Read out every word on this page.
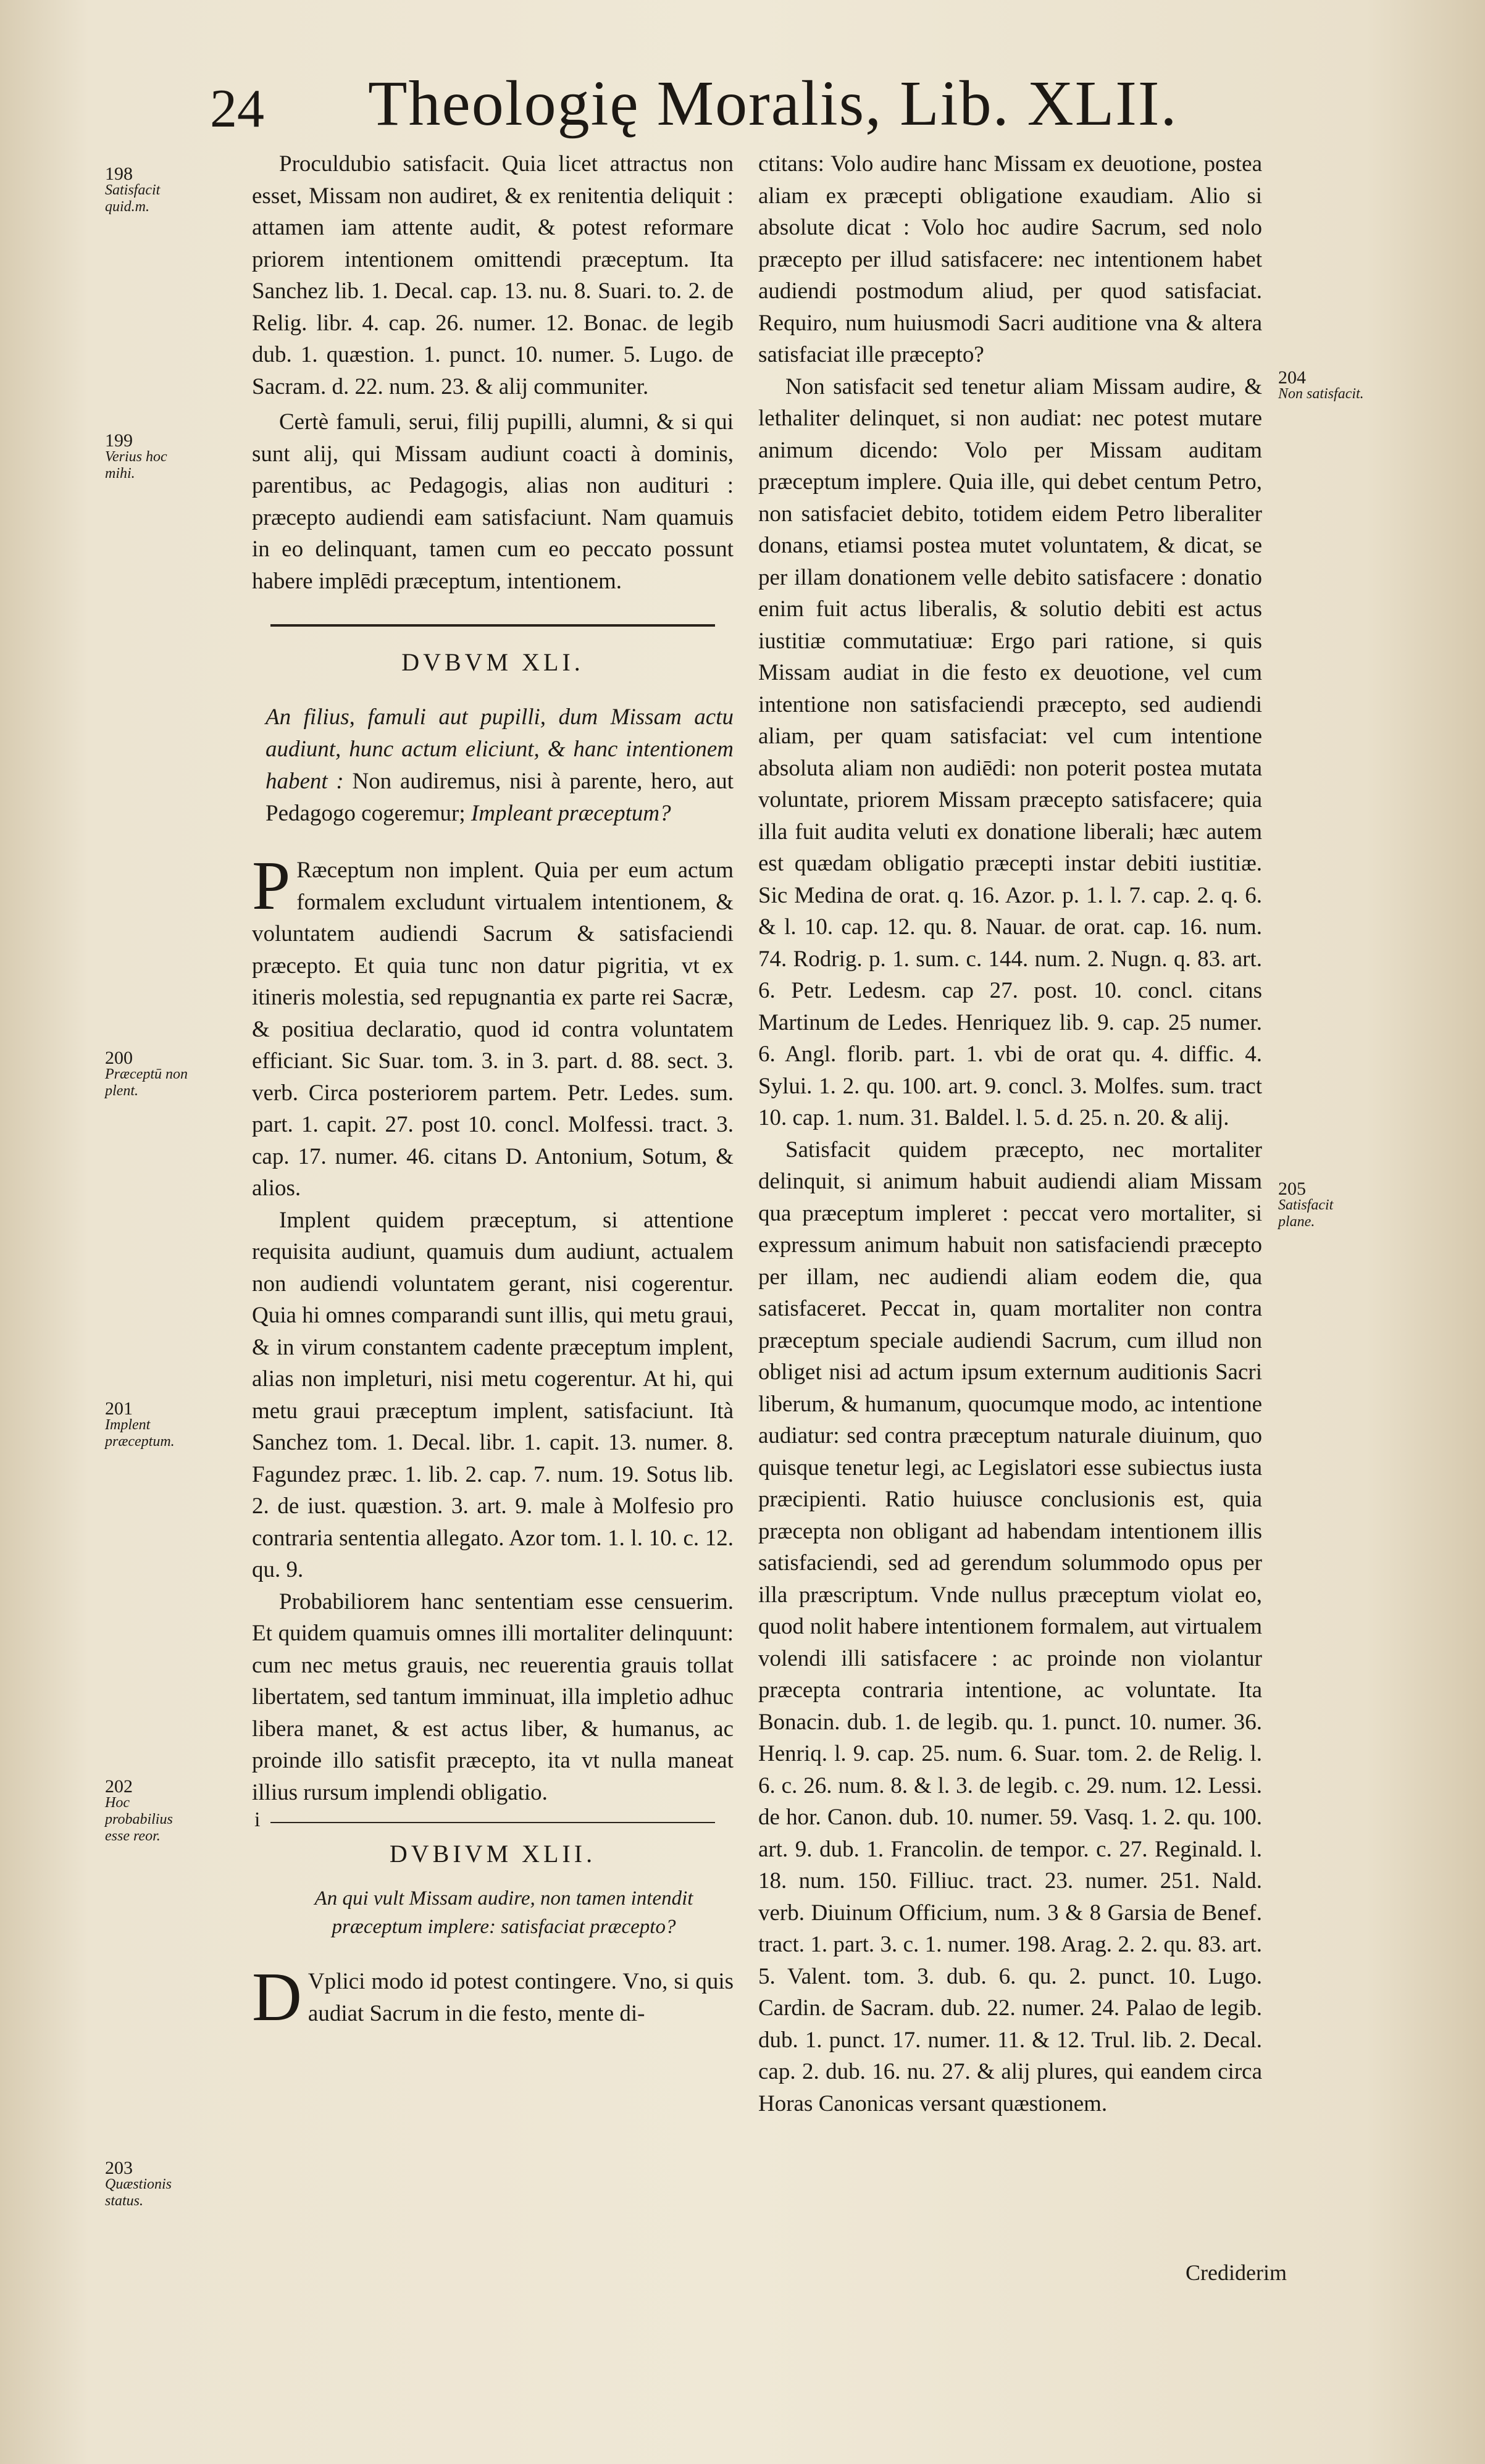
24 Theologię Moralis, Lib. XLII.

Proculdubio satisfacit. Quia licet attractus non esset, Missam non audiret, & ex renitentia deliquit : attamen iam attente audit, & potest reformare priorem intentionem omittendi præceptum. Ita Sanchez lib. 1. Decal. cap. 13. nu. 8. Suari. to. 2. de Relig. libr. 4. cap. 26. numer. 12. Bonac. de legib dub. 1. quæstion. 1. punct. 10. numer. 5. Lugo. de Sacram. d. 22. num. 23. & alij communiter.

Certè famuli, serui, filij pupilli, alumni, & si qui sunt alij, qui Missam audiunt coacti à dominis, parentibus, ac Pedagogis, alias non audituri : præcepto audiendi eam satisfaciunt. Nam quamuis in eo delinquant, tamen cum eo peccato possunt habere implēdi præceptum, intentionem.

DVBVM XLI.
An filius, famuli aut pupilli, dum Missam actu audiunt, hunc actum eliciunt, & hanc intentionem habent : Non audiremus, nisi à parente, hero, aut Pedagogo cogeremur; Impleant præceptum?

P Ræceptum non implent. Quia per eum actum formalem excludunt virtualem intentionem, & voluntatem audiendi Sacrum & satisfaciendi præcepto. Et quia tunc non datur pigritia, vt ex itineris molestia, sed repugnantia ex parte rei Sacræ, & positiua declaratio, quod id contra voluntatem efficiant. Sic Suar. tom. 3. in 3. part. d. 88. sect. 3. verb. Circa posteriorem partem. Petr. Ledes. sum. part. 1. capit. 27. post 10. concl. Molfessi. tract. 3. cap. 17. numer. 46. citans D. Antonium, Sotum, & alios.

Implent quidem præceptum, si attentione requisita audiunt, quamuis dum audiunt, actualem non audiendi voluntatem gerant, nisi cogerentur. Quia hi omnes comparandi sunt illis, qui metu graui, & in virum constantem cadente præceptum implent, alias non impleturi, nisi metu cogerentur. At hi, qui metu graui præceptum implent, satisfaciunt. Ità Sanchez tom. 1. Decal. libr. 1. capit. 13. numer. 8. Fagundez præc. 1. lib. 2. cap. 7. num. 19. Sotus lib. 2. de iust. quæstion. 3. art. 9. male à Molfesio pro contraria sententia allegato. Azor tom. 1. l. 10. c. 12. qu. 9.

Probabiliorem hanc sententiam esse censuerim. Et quidem quamuis omnes illi mortaliter delinquunt: cum nec metus grauis, nec reuerentia grauis tollat libertatem, sed tantum imminuat, illa impletio adhuc libera manet, & est actus liber, & humanus, ac proinde illo satisfit præcepto, ita vt nulla maneat illius rursum implendi obligatio.

i
DVBIVM XLII.
An qui vult Missam audire, non tamen intendit præceptum implere: satisfaciat præcepto?

D Vplici modo id potest contingere. Vno, si quis audiat Sacrum in die festo, mente di-

ctitans: Volo audire hanc Missam ex deuotione, postea aliam ex præcepti obligatione exaudiam. Alio si absolute dicat : Volo hoc audire Sacrum, sed nolo præcepto per illud satisfacere: nec intentionem habet audiendi postmodum aliud, per quod satisfaciat. Requiro, num huiusmodi Sacri auditione vna & altera satisfaciat ille præcepto?

Non satisfacit sed tenetur aliam Missam audire, & lethaliter delinquet, si non audiat: nec potest mutare animum dicendo: Volo per Missam auditam præceptum implere. Quia ille, qui debet centum Petro, non satisfaciet debito, totidem eidem Petro liberaliter donans, etiamsi postea mutet voluntatem, & dicat, se per illam donationem velle debito satisfacere : donatio enim fuit actus liberalis, & solutio debiti est actus iustitiæ commutatiuæ: Ergo pari ratione, si quis Missam audiat in die festo ex deuotione, vel cum intentione non satisfaciendi præcepto, sed audiendi aliam, per quam satisfaciat: vel cum intentione absoluta aliam non audiēdi: non poterit postea mutata voluntate, priorem Missam præcepto satisfacere; quia illa fuit audita veluti ex donatione liberali; hæc autem est quædam obligatio præcepti instar debiti iustitiæ. Sic Medina de orat. q. 16. Azor. p. 1. l. 7. cap. 2. q. 6. & l. 10. cap. 12. qu. 8. Nauar. de orat. cap. 16. num. 74. Rodrig. p. 1. sum. c. 144. num. 2. Nugn. q. 83. art. 6. Petr. Ledesm. cap 27. post. 10. concl. citans Martinum de Ledes. Henriquez lib. 9. cap. 25 numer. 6. Angl. florib. part. 1. vbi de orat qu. 4. diffic. 4. Sylui. 1. 2. qu. 100. art. 9. concl. 3. Molfes. sum. tract 10. cap. 1. num. 31. Baldel. l. 5. d. 25. n. 20. & alij.

Satisfacit quidem præcepto, nec mortaliter delinquit, si animum habuit audiendi aliam Missam qua præceptum impleret : peccat vero mortaliter, si expressum animum habuit non satisfaciendi præcepto per illam, nec audiendi aliam eodem die, qua satisfaceret. Peccat in, quam mortaliter non contra præceptum speciale audiendi Sacrum, cum illud non obliget nisi ad actum ipsum externum auditionis Sacri liberum, & humanum, quocumque modo, ac intentione audiatur: sed contra præceptum naturale diuinum, quo quisque tenetur legi, ac Legislatori esse subiectus iusta præcipienti. Ratio huiusce conclusionis est, quia præcepta non obligant ad habendam intentionem illis satisfaciendi, sed ad gerendum solummodo opus per illa præscriptum. Vnde nullus præceptum violat eo, quod nolit habere intentionem formalem, aut virtualem volendi illi satisfacere : ac proinde non violantur præcepta contraria intentione, ac voluntate. Ita Bonacin. dub. 1. de legib. qu. 1. punct. 10. numer. 36. Henriq. l. 9. cap. 25. num. 6. Suar. tom. 2. de Relig. l. 6. c. 26. num. 8. & l. 3. de legib. c. 29. num. 12. Lessi. de hor. Canon. dub. 10. numer. 59. Vasq. 1. 2. qu. 100. art. 9. dub. 1. Francolin. de tempor. c. 27. Reginald. l. 18. num. 150. Filliuc. tract. 23. numer. 251. Nald. verb. Diuinum Officium, num. 3 & 8 Garsia de Benef. tract. 1. part. 3. c. 1. numer. 198. Arag. 2. 2. qu. 83. art. 5. Valent. tom. 3. dub. 6. qu. 2. punct. 10. Lugo. Cardin. de Sacram. dub. 22. numer. 24. Palao de legib. dub. 1. punct. 17. numer. 11. & 12. Trul. lib. 2. Decal. cap. 2. dub. 16. nu. 27. & alij plures, qui eandem circa Horas Canonicas versant quæstionem.

198
Satisfacit quid.m.
199
Verius hoc mihi.
200
Præceptū non plent.
201
Implent præceptum.
202
Hoc probabilius esse reor.
203
Quæstionis status.
204
Non satisfacit.
205
Satisfacit plane.
Crediderim
